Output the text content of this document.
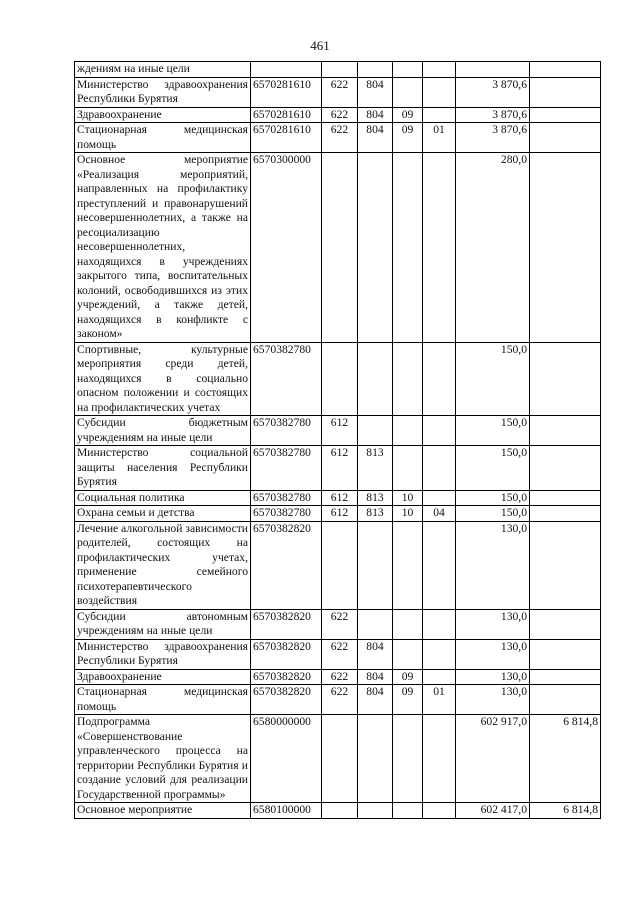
461
ждениям на иные цели							
Министерство здравоохранения Республики Бурятия	6570281610	622	804			3 870,6	
Здравоохранение	6570281610	622	804	09		3 870,6	
Стационарная медицинская помощь	6570281610	622	804	09	01	3 870,6	
Основное мероприятие «Реализация мероприятий, направленных на профилактику преступлений и правонарушений несовершеннолетних, а также на ресоциализацию несовершеннолетних, находящихся в учреждениях закрытого типа, воспитательных колоний, освободившихся из этих учреждений, а также детей, находящихся в конфликте с законом»	6570300000					280,0	
Спортивные, культурные мероприятия среди детей, находящихся в социально опасном положении и состоящих на профилактических учетах	6570382780					150,0	
Субсидии бюджетным учреждениям на иные цели	6570382780	612				150,0	
Министерство социальной защиты населения Республики Бурятия	6570382780	612	813			150,0	
Социальная политика	6570382780	612	813	10		150,0	
Охрана семьи и детства	6570382780	612	813	10	04	150,0	
Лечение алкогольной зависимости родителей, состоящих на профилактических учетах, применение семейного психотерапевтического воздействия	6570382820					130,0	
Субсидии автономным учреждениям на иные цели	6570382820	622				130,0	
Министерство здравоохранения Республики Бурятия	6570382820	622	804			130,0	
Здравоохранение	6570382820	622	804	09		130,0	
Стационарная медицинская помощь	6570382820	622	804	09	01	130,0	
Подпрограмма «Совершенствование управленческого процесса на территории Республики Бурятия и создание условий для реализации Государственной программы»	6580000000					602 917,0	6 814,8
Основное мероприятие	6580100000					602 417,0	6 814,8
